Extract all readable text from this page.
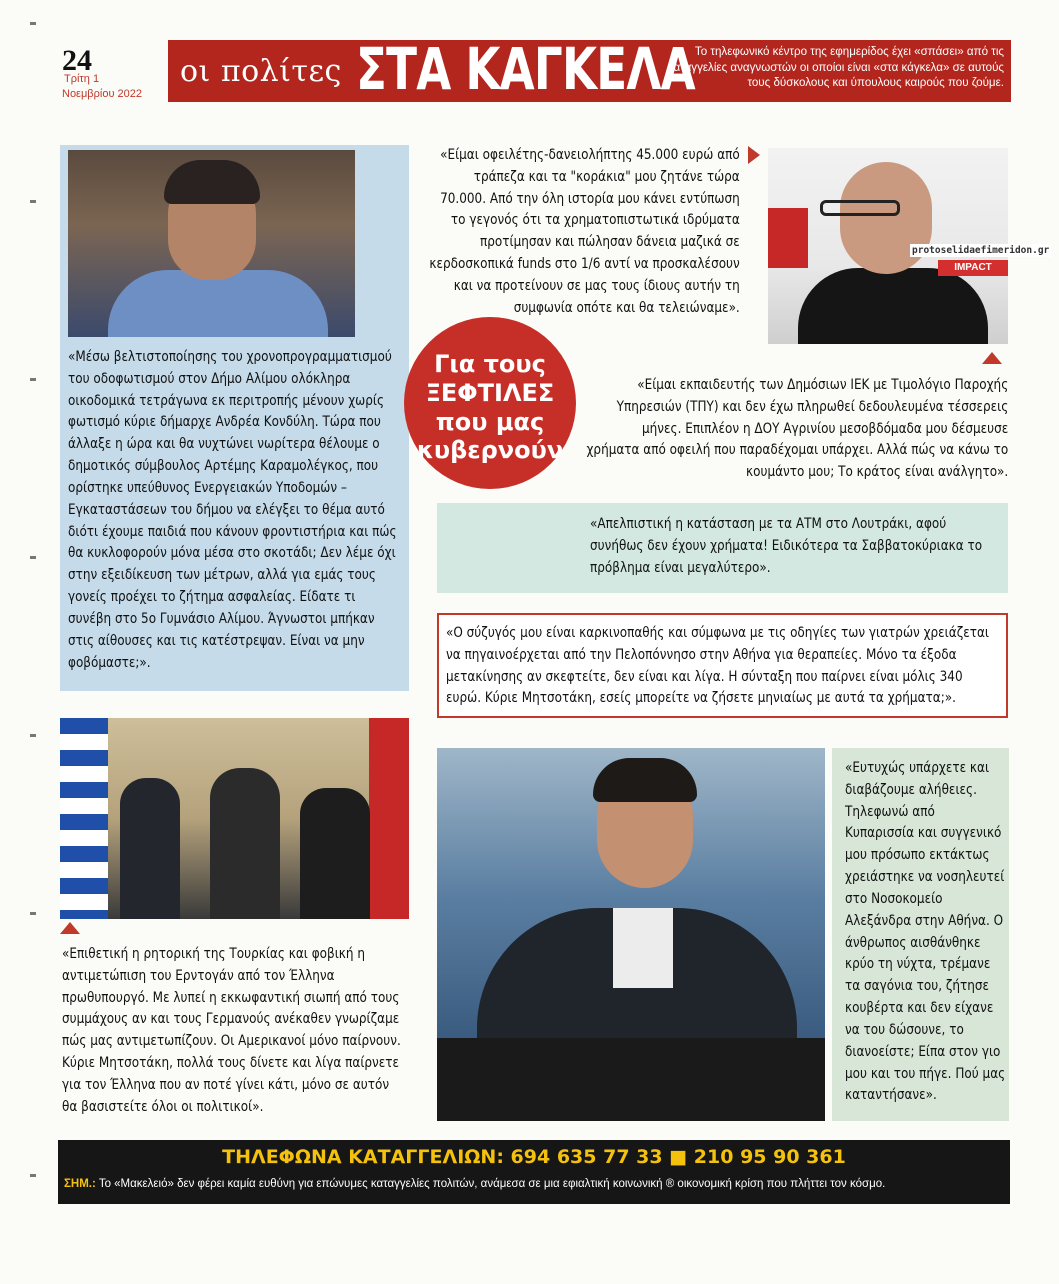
24
Τρίτη 1
Νοεμβρίου 2022
οι πολίτες ΣΤΑ ΚΑΓΚΕΛΑ Το τηλεφωνικό κέντρο της εφημερίδος έχει «σπάσει» από τις καταγγελίες αναγνωστών οι οποίοι είναι «στα κάγκελα» σε αυτούς τους δύσκολους και ύπουλους καιρούς που ζούμε.
«Μέσω βελτιστοποίησης του χρονοπρογραμματισμού του οδοφωτισμού στον Δήμο Αλίμου ολόκληρα οικοδομικά τετράγωνα εκ περιτροπής μένουν χωρίς φωτισμό κύριε δήμαρχε Ανδρέα Κονδύλη. Τώρα που άλλαξε η ώρα και θα νυχτώνει νωρίτερα θέλουμε ο δημοτικός σύμβουλος Αρτέμης Καραμολέγκος, που ορίστηκε υπεύθυνος Ενεργειακών Υποδομών – Εγκαταστάσεων του δήμου να ελέγξει το θέμα αυτό διότι έχουμε παιδιά που κάνουν φροντιστήρια και πώς θα κυκλοφορούν μόνα μέσα στο σκοτάδι; Δεν λέμε όχι στην εξειδίκευση των μέτρων, αλλά για εμάς τους γονείς προέχει το ζήτημα ασφαλείας. Είδατε τι συνέβη στο 5ο Γυμνάσιο Αλίμου. Άγνωστοι μπήκαν στις αίθουσες και τις κατέστρεψαν. Είναι να μην φοβόμαστε;».
«Είμαι οφειλέτης-δανειολήπτης 45.000 ευρώ από τράπεζα και τα "κοράκια" μου ζητάνε τώρα 70.000. Από την όλη ιστορία μου κάνει εντύπωση το γεγονός ότι τα χρηματοπιστωτικά ιδρύματα προτίμησαν και πώλησαν δάνεια μαζικά σε κερδοσκοπικά funds στο 1/6 αντί να προσκαλέσουν και να προτείνουν σε μας τους ίδιους αυτήν τη συμφωνία οπότε και θα τελειώναμε».
IMPACT
protoselidaefimeridon.gr
Για τους
ΞΕΦΤΙΛΕΣ
που μας
κυβερνούν
«Είμαι εκπαιδευτής των Δημόσιων ΙΕΚ με Τιμολόγιο Παροχής Υπηρεσιών (ΤΠΥ) και δεν έχω πληρωθεί δεδουλευμένα τέσσερεις μήνες. Επιπλέον η ΔΟΥ Αγρινίου μεσοβδόμαδα μου δέσμευσε χρήματα από οφειλή που παραδέχομαι υπάρχει. Αλλά πώς να κάνω το κουμάντο μου; Το κράτος είναι ανάλγητο».
«Απελπιστική η κατάσταση με τα ΑΤΜ στο Λουτράκι, αφού συνήθως δεν έχουν χρήματα! Ειδικότερα τα Σαββατοκύριακα το πρόβλημα είναι μεγαλύτερο».
«Ο σύζυγός μου είναι καρκινοπαθής και σύμφωνα με τις οδηγίες των γιατρών χρειάζεται να πηγαινοέρχεται από την Πελοπόννησο στην Αθήνα για θεραπείες. Μόνο τα έξοδα μετακίνησης αν σκεφτείτε, δεν είναι και λίγα. Η σύνταξη που παίρνει είναι μόλις 340 ευρώ. Κύριε Μητσοτάκη, εσείς μπορείτε να ζήσετε μηνιαίως με αυτά τα χρήματα;».
«Επιθετική η ρητορική της Τουρκίας και φοβική η αντιμετώπιση του Ερντογάν από τον Έλληνα πρωθυπουργό. Με λυπεί η εκκωφαντική σιωπή από τους συμμάχους αν και τους Γερμανούς ανέκαθεν γνωρίζαμε πώς μας αντιμετωπίζουν. Οι Αμερικανοί μόνο παίρνουν. Κύριε Μητσοτάκη, πολλά τους δίνετε και λίγα παίρνετε για τον Έλληνα που αν ποτέ γίνει κάτι, μόνο σε αυτόν θα βασιστείτε όλοι οι πολιτικοί».
«Ευτυχώς υπάρχετε και διαβάζουμε αλήθειες. Τηλεφωνώ από Κυπαρισσία και συγγενικό μου πρόσωπο εκτάκτως χρειάστηκε να νοσηλευτεί στο Νοσοκομείο Αλεξάνδρα στην Αθήνα. Ο άνθρωπος αισθάνθηκε κρύο τη νύχτα, τρέμανε τα σαγόνια του, ζήτησε κουβέρτα και δεν είχανε να του δώσουνε, το διανοείστε; Είπα στον γιο μου και του πήγε. Πού μας καταντήσανε».
ΤΗΛΕΦΩΝΑ ΚΑΤΑΓΓΕΛΙΩΝ: 694 635 77 33 ■ 210 95 90 361
ΣΗΜ.: Το «Μακελειό» δεν φέρει καμία ευθύνη για επώνυμες καταγγελίες πολιτών, ανάμεσα σε μια εφιαλτική κοινωνική ® οικονομική κρίση που πλήττει τον κόσμο.
